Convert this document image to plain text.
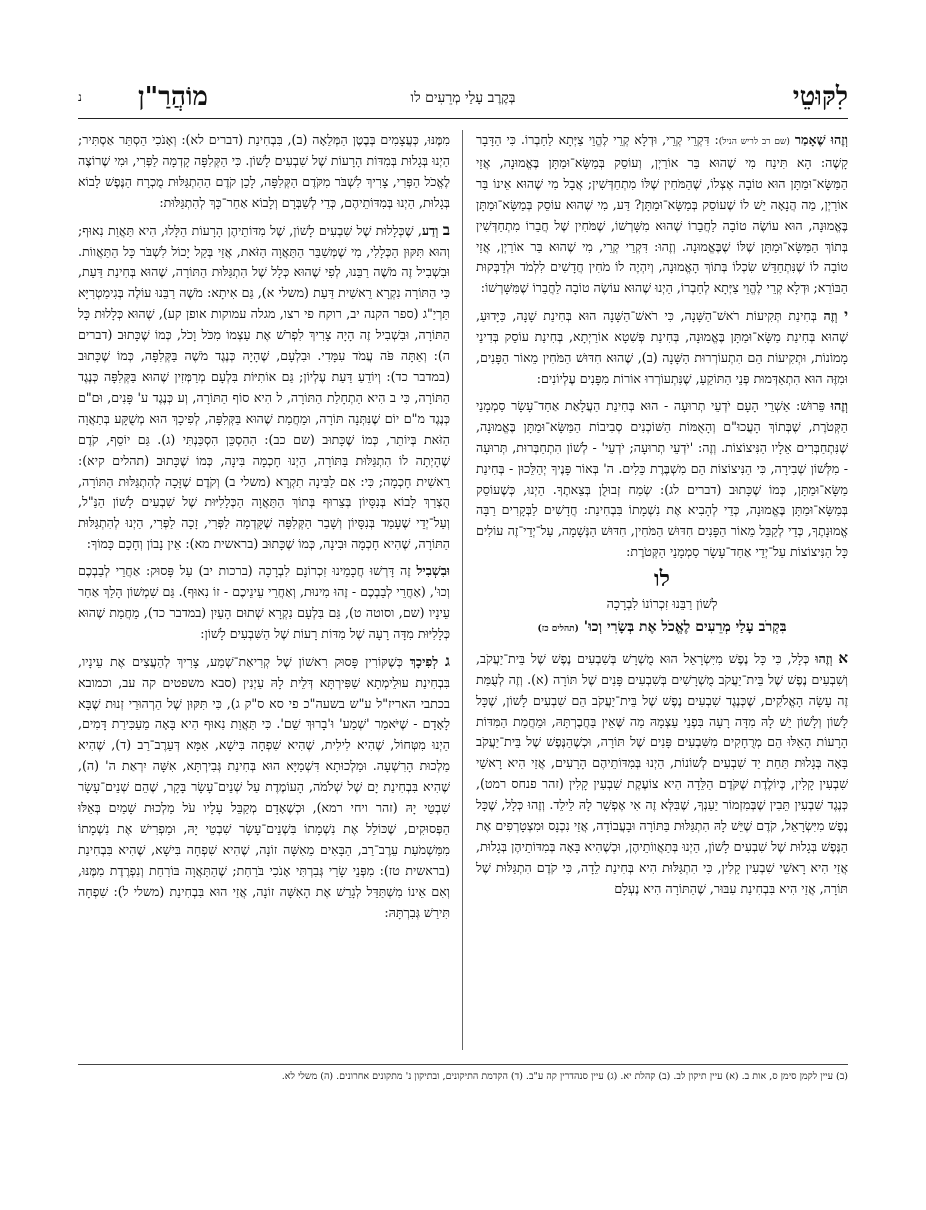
לִקּוּטֵי
בְּקֶרֶב עָלַי מְרֵעִים לו
מוֹהֲרַ"ן
נ

וְזֶהוּ שֶׁאָמַר (שם רב לריש הניל): דִּקְרֵי קְרֵי, וּדְלָא קְרֵי לֶהֱוֵי צַיְּתָא לַחַבְרוֹ. כִּי הַדָּבָר קָשֶׁה: הָא תִּינַח מִי שֶׁהוּא בַּר אוֹרַיְן, וְעוֹסֵק בְּמַשָּׂא־וּמַתָּן בֶּאֱמוּנָה, אֲזַי הַמַּשָּׂא־וּמַתָּן הוּא טוֹבָה אֶצְלוֹ, שֶׁהַמֹּחִין שֶׁלּוֹ מִתְחַדְּשִׁין; אֲבָל מִי שֶׁהוּא אֵינוֹ בַּר אוֹרַיְן, מַה הֲנָאָה יֵשׁ לוֹ שֶׁעוֹסֵק בְּמַשָּׂא־וּמַתָּן? דַּע, מִי שֶׁהוּא עוֹסֵק בְּמַשָּׂא־וּמַתָּן בֶּאֱמוּנָה, הוּא עוֹשֶׂה טוֹבָה לַחֲבֵרוֹ שֶׁהוּא מִשָּׁרְשׁוֹ, שֶׁמֹּחִין שֶׁל חֲבֵרוֹ מִתְחַדְּשִׁין בְּתוֹךְ הַמַּשָּׂא־וּמַתָּן שֶׁלּוֹ שֶׁבֶּאֱמוּנָה. וְזֶהוּ: דִּקְרֵי קְרֵי, מִי שֶׁהוּא בַּר אוֹרַיְן, אֲזַי טוֹבָה לוֹ שֶׁנִּתְחַדֵּשׁ שִׂכְלוֹ בְּתוֹךְ הָאֱמוּנָה, וְיִהְיֶה לוֹ מֹחִין חֲדָשִׁים לִלְמֹד וּלְדַבְּקוּת הַבּוֹרֵא; וּדְלָא קְרֵי לֶהֱוֵי צַיְּתָא לְחַבְרוֹ, הַיְנוּ שֶׁהוּא עוֹשֶׂה טוֹבָה לַחֲבֵרוֹ שֶׁמִּשָּׁרְשׁוֹ:

י וְזֶה בְּחִינַת תְּקִיעוֹת רֹאשׁ־הַשָּׁנָה, כִּי רֹאשׁ־הַשָּׁנָה הוּא בְּחִינַת שָׁנָה, כַּיָּדוּעַ, שֶׁהוּא בְּחִינַת מַשָּׂא־וּמַתָּן בֶּאֱמוּנָה, בְּחִינַת פְּשִׁטָא אוֹרַיְתָא, בְּחִינַת עוֹסֵק בְּדִינֵי מָמוֹנוֹת, וּתְקִיעוֹת הֵם הִתְעוֹרְרוּת הַשָּׁנָה (ב), שֶׁהוּא חִדּוּשׁ הַמֹּחִין מֵאוֹר הַפָּנִים, וּמִזֶּה הוּא הִתְאַדְּמוּת פְּנֵי הַתּוֹקֵעַ, שֶׁנִּתְעוֹרְרוּ אוֹרוֹת מִפָּנִים עֶלְיוֹנִים:

וְזֶהוּ פֵּרוּשׁ: אַשְׁרֵי הָעָם יֹדְעֵי תְרוּעָה - הוּא בְּחִינַת הַעֲלָאַת אַחַד־עָשָׂר סַמְמָנֵי הַקְּטֹרֶת, שֶׁבְּתוֹךְ הָעֲכוּ"ם וְהָאֻמּוֹת הַשּׁוֹכְנִים סְבִיבוֹת הַמַּשָּׂא־וּמַתָּן בֶּאֱמוּנָה, שֶׁנִּתְחַבְּרִים אֵלָיו הַנִּיצוֹצוֹת. וְזֶה: 'יֹדְעֵי תְרוּעָה; יֹדְעֵי' - לְשׁוֹן הִתְחַבְּרוּת, תְּרוּעָה - מִלְּשׁוֹן שְׁבִירָה, כִּי הַנִּיצוֹצוֹת הֵם מִשְׁבֶּרֶת כֵּלִים. ה' בְּאוֹר פָּנֶיךָ יְהַלֵּכוּן - בְּחִינַת מַשָּׂא־וּמַתָּן, כְּמוֹ שֶׁכָּתוּב (דברים לג): שְׂמַח זְבוּלֻן בְּצֵאתֶךָ. הַיְנוּ, כְּשֶׁעוֹסֵק בְּמַשָּׂא־וּמַתָּן בֶּאֱמוּנָה, כְּדֵי לְהָבִיא אֶת נִשְׁמָתוֹ בִּבְחִינַת: חֲדָשִׁים לַבְּקָרִים רַבָּה אֱמוּנָתֶךָ, כְּדֵי לְקַבֵּל מֵאוֹר הַפָּנִים חִדּוּשׁ הַמֹּחִין, חִדּוּשׁ הַנְּשָׁמָה, עַל־יְדֵי־זֶה עוֹלִים כָּל הַנִּיצוֹצוֹת עַל־יְדֵי אַחַד־עָשָׂר סַמְמָנֵי הַקְּטֹרֶת:

לו
לְשׁוֹן רַבֵּנוּ זִכְרוֹנוֹ לִבְרָכָה
בִּקְרֹב עָלַי מְרֵעִים לֶאֱכֹל אֶת בְּשָׂרִי וְכוּ' (תהלים כז)

א וְזֶהוּ כְּלָל, כִּי כָּל נֶפֶשׁ מִיִּשְׂרָאֵל הוּא מֻשְׁרָשׁ בְּשִׁבְעִים נֶפֶשׁ שֶׁל בֵּית־יַעֲקֹב, וְשִׁבְעִים נֶפֶשׁ שֶׁל בֵּית־יַעֲקֹב מֻשְׁרָשִׁים בְּשִׁבְעִים פָּנִים שֶׁל תּוֹרָה (א). וְזֶה לְעֻמַּת זֶה עָשָׂה הָאֱלֹקִים, שֶׁכְּנֶגֶד שִׁבְעִים נֶפֶשׁ שֶׁל בֵּית־יַעֲקֹב הֵם שִׁבְעִים לָשׁוֹן, שֶׁכָּל לָשׁוֹן וְלָשׁוֹן יֵשׁ לָהּ מִדָּה רָעָה בִּפְנֵי עַצְמָהּ מַה שֶּׁאֵין בַּחֲבֶרְתָּהּ, וּמֵחֲמַת הַמִּדּוֹת הָרָעוֹת הָאֵלּוּ הֵם מְרֻחָקִים מִשִּׁבְעִים פָּנִים שֶׁל תּוֹרָה, וּכְשֶׁהַנֶּפֶשׁ שֶׁל בֵּית־יַעֲקֹב בָּאָה בְּגָלוּת תַּחַת יַד שִׁבְעִים לְשׁוֹנוֹת, הַיְנוּ בְּמִדּוֹתֵיהֶם הָרָעִים, אֲזַי הִיא רָאשֵׁי שִׁבְעִין קָלִין, כְּיוֹלֶדֶת שֶׁקֹּדֶם הַלֵּדָה הִיא צוֹעֶקֶת שִׁבְעִין קָלִין (זהר פנחס רמט), כְּנֶגֶד שִׁבְעִין תֵּבִין שֶׁבְּמִזְמוֹר יַעַנְךָ, שֶׁבִּלְּא זֶה אִי אֶפְשָׁר לָהּ לֵילֵד. וְזֶהוּ כְּלָל, שֶׁכָּל נֶפֶשׁ מִיִּשְׂרָאֵל, קֹדֶם שֶׁיֵּשׁ לָהּ הִתְגַּלּוּת בַּתּוֹרָה וּבָעֲבוֹדָה, אֲזַי נִכְנָס וּמִצְטָרְפִים אֶת הַנֶּפֶשׁ בְּגָלוּת שֶׁל שִׁבְעִים לָשׁוֹן, הַיְנוּ בְּתַאֲווֹתֵיהֶן, וּכְשֶׁהִיא בָּאָה בְּמִדּוֹתֵיהֶן בְּגָלוּת, אֲזַי הִיא רָאשֵׁי שִׁבְעִין קָלִין, כִּי הִתְגַּלּוּת הִיא בְּחִינַת לֵדָה, כִּי קֹדֶם הִתְגַּלּוּת שֶׁל תּוֹרָה, אֲזַי הִיא בִּבְחִינַת עִבּוּר, שֶׁהַתּוֹרָה הִיא נֶעְלָם

מִמֶּנּוּ, כְּעֲצָמִים בְּבֶטֶן הַמְּלֵאָה (ב), בִּבְחִינַת (דברים לא): וְאָנֹכִי הַסְתֵּר אַסְתִּיר; הַיְנוּ בְּגָלוּת בְּמִדּוֹת הָרָעוֹת שֶׁל שִׁבְעִים לָשׁוֹן. כִּי הַקְּלִפָּה קָדְמָה לַפְּרִי, וּמִי שֶׁרוֹצֶה לֶאֱכֹל הַפְּרִי, צָרִיךְ לִשְׁבֹּר מִקֹּדֶם הַקְּלִפָּה, לָכֵן קֹדֶם הַהִתְגַּלּוּת מֻכְרָח הַנֶּפֶשׁ לָבוֹא בְּגָלוּת, הַיְנוּ בְּמִדּוֹתֵיהֶם, כְּדֵי לְשַׁבְּרָם וְלָבוֹא אַחַר־כָּךְ לְהִתְגַּלּוּת:

ב וְדַע, שֶׁכְּלָלוּת שֶׁל שִׁבְעִים לָשׁוֹן, שֶׁל מִדּוֹתֵיהֶן הָרָעוֹת הַלָּלוּ, הִיא תַּאֲוַת נִאוּף; וְהוּא תִּקּוּן הַכְּלָלִי, מִי שֶׁמְּשַׁבֵּר הַתַּאֲוָה הַזֹּאת, אֲזַי בְּקַל יָכוֹל לִשְׁבֹּר כָּל הַתַּאֲווֹת. וּבִשְׁבִיל זֶה מֹשֶׁה רַבֵּנוּ, לְפִי שֶׁהוּא כְּלָל שֶׁל הִתְגַּלּוּת הַתּוֹרָה, שֶׁהוּא בְּחִינַת דַּעַת, כִּי הַתּוֹרָה נִקְרָא רֵאשִׁית דַּעַת (משלי א), גַּם אִיתָא: מֹשֶׁה רַבֵּנוּ עוֹלֶה בְּגִימַטְרִיָּא תַּרְיַ"ג (ספר הקנה יב, רוקח פי רצו, מגלה עמוקות אופן קע), שֶׁהוּא כְּלָלוּת כָּל הַתּוֹרָה, וּבִשְׁבִיל זֶה הָיָה צָרִיךְ לִפְרֹשׁ אֶת עַצְמוֹ מִכֹּל וָכֹל, כְּמוֹ שֶׁכָּתוּב (דברים ה): וְאַתָּה פֹּה עֲמֹד עִמָּדִי. וּבִלְעָם, שֶׁהָיָה כְּנֶגֶד מֹשֶׁה בַּקְּלִפָּה, כְּמוֹ שֶׁכָּתוּב (במדבר כד): וְיוֹדֵעַ דַּעַת עֶלְיוֹן; גַּם אוֹתִיּוֹת בִּלְעָם מְרַמְּזִין שֶׁהוּא בַּקְּלִפָּה כְּנֶגֶד הַתּוֹרָה, כִּי ב הִיא הַתְחָלַת הַתּוֹרָה, ל הִיא סוֹף הַתּוֹרָה, וְע כְּנֶגֶד ע' פָּנִים, וּם"ם כְּנֶגֶד מ"ם יוֹם שֶׁנִּתְּנָה תּוֹרָה, וּמֵחֲמַת שֶׁהוּא בַּקְּלִפָּה, לְפִיכָךְ הוּא מְשֻׁקָּע בְּתַאֲוָה הַזֹּאת בְּיוֹתֵר, כְּמוֹ שֶׁכָּתוּב (שם כב): הַהַסְכֵּן הִסְכַּנְתִּי (ג). גַּם יוֹסֵף, קֹדֶם שֶׁהָיְתָה לוֹ הִתְגַּלּוּת בַּתּוֹרָה, הַיְנוּ חָכְמָה בִּינָה, כְּמוֹ שֶׁכָּתוּב (תהלים קיא): רֵאשִׁית חָכְמָה; כִּי: אִם לַבִּינָה תִקְרָא (משלי ב) וְקֹדֶם שֶׁזָּכָה לְהִתְגַּלּוּת הַתּוֹרָה, הֻצְרַךְ לָבוֹא בְּנִסָּיוֹן בְּצֵרוּף בְּתוֹךְ הַתַּאֲוָה הַכְּלָלִיּוּת שֶׁל שִׁבְעִים לָשׁוֹן הַנַּ"ל, וְעַל־יְדֵי שֶׁעָמַד בְּנִסָּיוֹן וְשָׁבַר הַקְּלִפָּה שֶׁקָּדְמָה לַפְּרִי, זָכָה לַפְּרִי, הַיְנוּ לְהִתְגַּלּוּת הַתּוֹרָה, שֶׁהִיא חָכְמָה וּבִינָה, כְּמוֹ שֶׁכָּתוּב (בראשית מא): אֵין נָבוֹן וְחָכָם כָּמוֹךָ:

וּבִשְׁבִיל זֶה דָּרְשׁוּ חֲכָמֵינוּ זִכְרוֹנָם לִבְרָכָה (ברכות יב) עַל פָּסוּק: אַחֲרֵי לְבַבְכֶם וְכוּ', (אַחֲרֵי לְבַבְכֶם - זֶהוּ מִינוּת, וְאַחֲרֵי עֵינֵיכֶם - זוֹ נִאוּף). גַּם שִׁמְשׁוֹן הָלַךְ אַחַר עֵינָיו (שם, וסוטה ט), גַּם בִּלְעָם נִקְרָא שְׁתוּם הָעַיִן (במדבר כד), מֵחֲמַת שֶׁהוּא כְּלָלִיּוּת מִדָּה רָעָה שֶׁל מִדּוֹת רָעוֹת שֶׁל הַשִּׁבְעִים לָשׁוֹן:

ג לְפִיכָךְ כְּשֶׁקּוֹרִין פָּסוּק רִאשׁוֹן שֶׁל קְרִיאַת־שְׁמַע, צָרִיךְ לְהַעֲצִים אֶת עֵינָיו, בִּבְחִינַת עוּלֵימְתָא שַׁפִּירְתָּא דְּלֵית לָהּ עַיְנִין (סבא משפטים קה עב, וכמובא בכתבי האריז"ל ע"ש בשעה"כ פי סא ס"ק ג), כִּי תִּקּוּן שֶׁל הַרְהוּרֵי זְנוּת שֶׁבָּא לָאָדָם - שֶׁיֹּאמַר 'שְׁמַע' וּ'בָרוּךְ שֵׁם'. כִּי תַּאֲוַת נִאוּף הִיא בָּאָה מֵעַכִּירַת דָּמִים, הַיְנוּ מִטְּחוֹל, שֶׁהִיא לִילִית, שֶׁהִיא שִׁפְחָה בִּישָׁא, אִמָּא דְּעֵרֶב־רַב (ד), שֶׁהִיא מַלְכוּת הָרִשְׁעָה. וּמַלְכוּתָא דִּשְׁמַיָּא הוּא בְּחִינַת גְּבִירְתָּא, אִשָּׁה יִרְאַת ה' (ה), שֶׁהִיא בִּבְחִינַת יָם שֶׁל שְׁלֹמֹה, הָעוֹמֶדֶת עַל שְׁנֵים־עָשָׂר בָּקָר, שֶׁהֵם שְׁנֵים־עָשָׂר שִׁבְטֵי יָהּ (זהר ויחי רמא), וּכְשֶׁאָדָם מְקַבֵּל עָלָיו עֹל מַלְכוּת שָׁמַיִם בְּאֵלּוּ הַפְּסוּקִים, שֶׁכּוֹלֵל אֶת נִשְׁמָתוֹ בִּשְׁנֵים־עָשָׂר שִׁבְטֵי יָהּ, וּמַפְרִישׁ אֶת נִשְׁמָתוֹ מִמַּשְׁמֹעַת עֵרֶב־רַב, הַבָּאִים מֵאִשָּׁה זוֹנָה, שֶׁהִיא שִׁפְחָה בִּישָׁא, שֶׁהִיא בִּבְחִינַת (בראשית טז): מִפְּנֵי שָׂרַי גְּבִרְתִּי אָנֹכִי בֹּרַחַת; שֶׁהַתַּאֲוָה בּוֹרַחַת וְנִפְרֶדֶת מִמֶּנּוּ, וְאִם אֵינוֹ מִשְׁתַּדֵּל לְגָרֵשׁ אֶת הָאִשָּׁה זוֹנָה, אֲזַי הוּא בִּבְחִינַת (משלי ל): שִׁפְחָה תִּירַשׁ גְּבִרְתָּהּ:

(ב) עיין לקמן סימן ס, אות ב. (א) עיין תיקון לב. (ב) קהלת יא. (ג) עיין סנהדרין קה ע"ב. (ד) הקדמת התיקונים, ובתיקון נ' מתקונים אחרונים. (ה) משלי לא.
